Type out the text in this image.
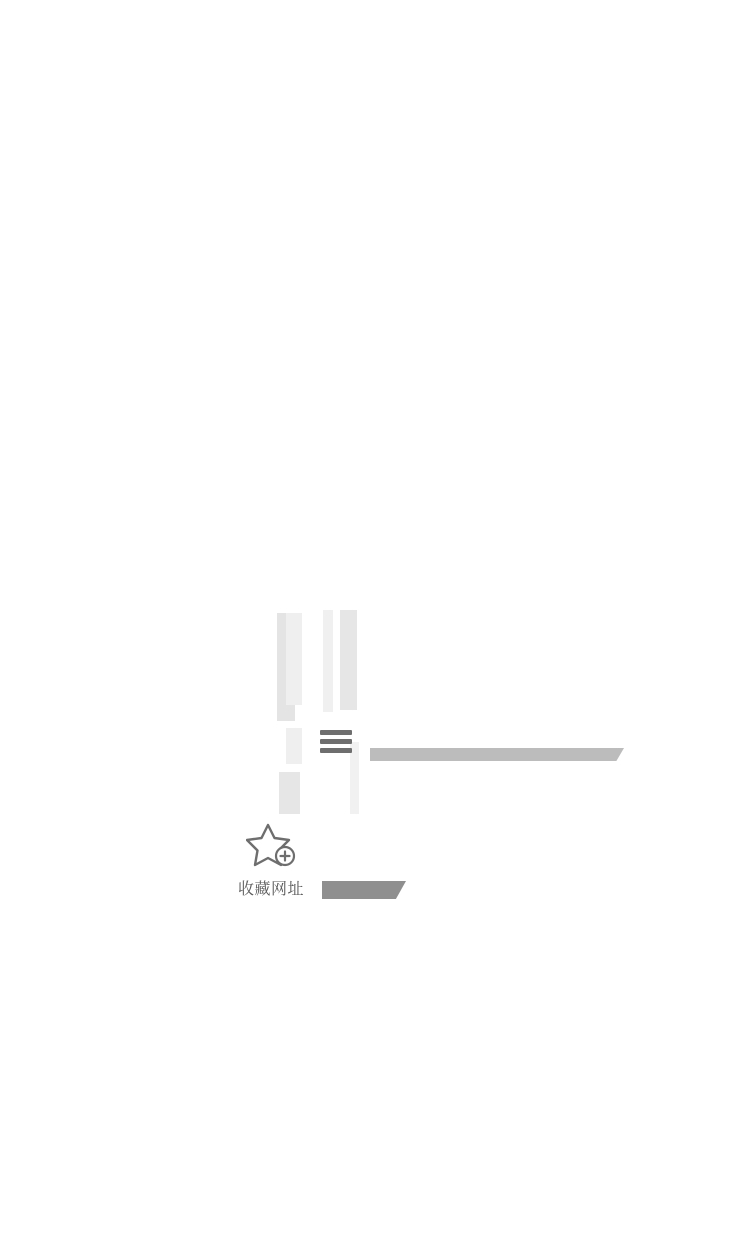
收藏网址
